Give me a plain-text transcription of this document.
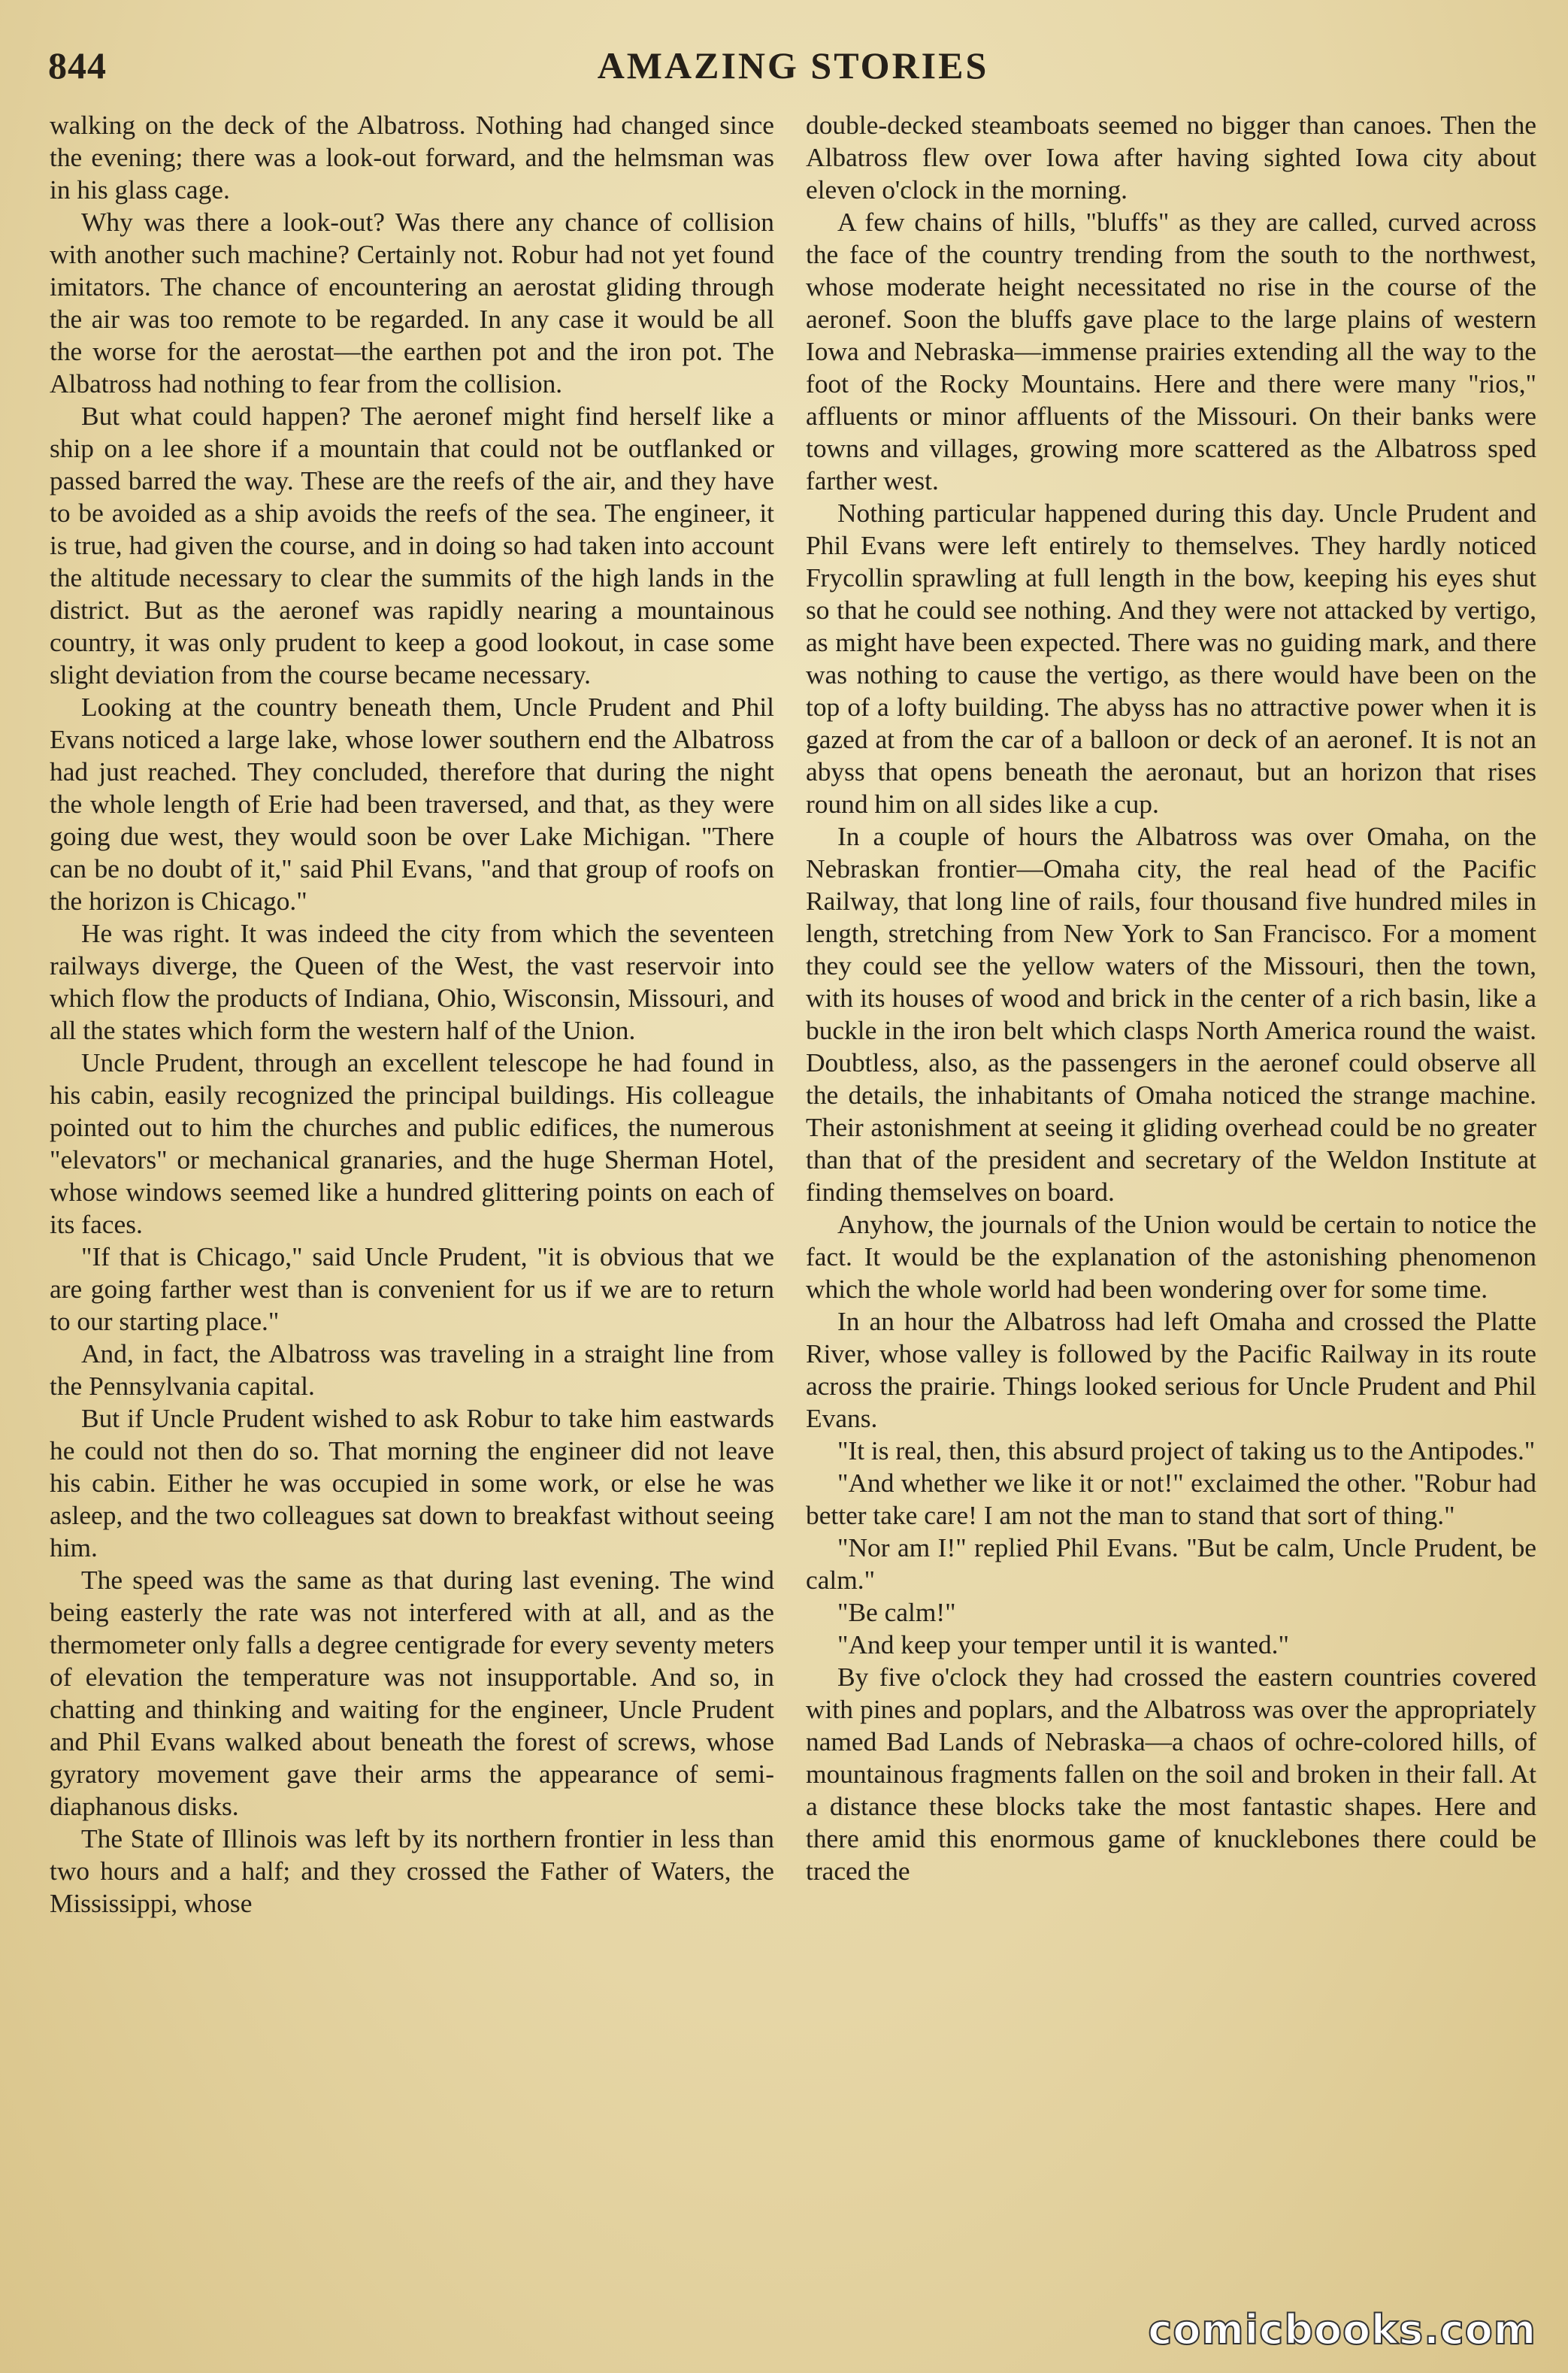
844	AMAZING STORIES

walking on the deck of the Albatross. Nothing had changed since the evening; there was a look-out forward, and the helmsman was in his glass cage.

Why was there a look-out? Was there any chance of collision with another such machine? Certainly not. Robur had not yet found imitators. The chance of encountering an aerostat gliding through the air was too remote to be regarded. In any case it would be all the worse for the aerostat—the earthen pot and the iron pot. The Albatross had nothing to fear from the collision.

But what could happen? The aeronef might find herself like a ship on a lee shore if a mountain that could not be outflanked or passed barred the way. These are the reefs of the air, and they have to be avoided as a ship avoids the reefs of the sea. The engineer, it is true, had given the course, and in doing so had taken into account the altitude necessary to clear the summits of the high lands in the district. But as the aeronef was rapidly nearing a mountainous country, it was only prudent to keep a good lookout, in case some slight deviation from the course became necessary.

Looking at the country beneath them, Uncle Prudent and Phil Evans noticed a large lake, whose lower southern end the Albatross had just reached. They concluded, therefore that during the night the whole length of Erie had been traversed, and that, as they were going due west, they would soon be over Lake Michigan. "There can be no doubt of it," said Phil Evans, "and that group of roofs on the horizon is Chicago."

He was right. It was indeed the city from which the seventeen railways diverge, the Queen of the West, the vast reservoir into which flow the products of Indiana, Ohio, Wisconsin, Missouri, and all the states which form the western half of the Union.

Uncle Prudent, through an excellent telescope he had found in his cabin, easily recognized the principal buildings. His colleague pointed out to him the churches and public edifices, the numerous "elevators" or mechanical granaries, and the huge Sherman Hotel, whose windows seemed like a hundred glittering points on each of its faces.

"If that is Chicago," said Uncle Prudent, "it is obvious that we are going farther west than is convenient for us if we are to return to our starting place."

And, in fact, the Albatross was traveling in a straight line from the Pennsylvania capital.

But if Uncle Prudent wished to ask Robur to take him eastwards he could not then do so. That morning the engineer did not leave his cabin. Either he was occupied in some work, or else he was asleep, and the two colleagues sat down to breakfast without seeing him.

The speed was the same as that during last evening. The wind being easterly the rate was not interfered with at all, and as the thermometer only falls a degree centigrade for every seventy meters of elevation the temperature was not insupportable. And so, in chatting and thinking and waiting for the engineer, Uncle Prudent and Phil Evans walked about beneath the forest of screws, whose gyratory movement gave their arms the appearance of semi-diaphanous disks.

The State of Illinois was left by its northern frontier in less than two hours and a half; and they crossed the Father of Waters, the Mississippi, whose

double-decked steamboats seemed no bigger than canoes. Then the Albatross flew over Iowa after having sighted Iowa city about eleven o'clock in the morning.

A few chains of hills, "bluffs" as they are called, curved across the face of the country trending from the south to the northwest, whose moderate height necessitated no rise in the course of the aeronef. Soon the bluffs gave place to the large plains of western Iowa and Nebraska—immense prairies extending all the way to the foot of the Rocky Mountains. Here and there were many "rios," affluents or minor affluents of the Missouri. On their banks were towns and villages, growing more scattered as the Albatross sped farther west.

Nothing particular happened during this day. Uncle Prudent and Phil Evans were left entirely to themselves. They hardly noticed Frycollin sprawling at full length in the bow, keeping his eyes shut so that he could see nothing. And they were not attacked by vertigo, as might have been expected. There was no guiding mark, and there was nothing to cause the vertigo, as there would have been on the top of a lofty building. The abyss has no attractive power when it is gazed at from the car of a balloon or deck of an aeronef. It is not an abyss that opens beneath the aeronaut, but an horizon that rises round him on all sides like a cup.

In a couple of hours the Albatross was over Omaha, on the Nebraskan frontier—Omaha city, the real head of the Pacific Railway, that long line of rails, four thousand five hundred miles in length, stretching from New York to San Francisco. For a moment they could see the yellow waters of the Missouri, then the town, with its houses of wood and brick in the center of a rich basin, like a buckle in the iron belt which clasps North America round the waist. Doubtless, also, as the passengers in the aeronef could observe all the details, the inhabitants of Omaha noticed the strange machine. Their astonishment at seeing it gliding overhead could be no greater than that of the president and secretary of the Weldon Institute at finding themselves on board.

Anyhow, the journals of the Union would be certain to notice the fact. It would be the explanation of the astonishing phenomenon which the whole world had been wondering over for some time.

In an hour the Albatross had left Omaha and crossed the Platte River, whose valley is followed by the Pacific Railway in its route across the prairie. Things looked serious for Uncle Prudent and Phil Evans.

"It is real, then, this absurd project of taking us to the Antipodes."

"And whether we like it or not!" exclaimed the other. "Robur had better take care! I am not the man to stand that sort of thing."

"Nor am I!" replied Phil Evans. "But be calm, Uncle Prudent, be calm."

"Be calm!"

"And keep your temper until it is wanted."

By five o'clock they had crossed the eastern countries covered with pines and poplars, and the Albatross was over the appropriately named Bad Lands of Nebraska—a chaos of ochre-colored hills, of mountainous fragments fallen on the soil and broken in their fall. At a distance these blocks take the most fantastic shapes. Here and there amid this enormous game of knucklebones there could be traced the

comicbooks.com
